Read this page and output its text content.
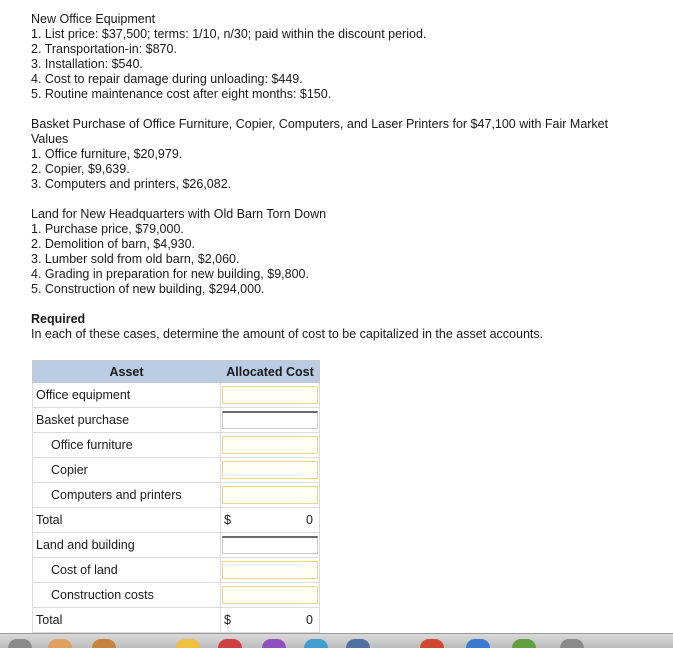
New Office Equipment

1. List price: $37,500; terms: 1/10, n/30; paid within the discount period.

2. Transportation-in: $870.

3. Installation: $540.

4. Cost to repair damage during unloading: $449.

5. Routine maintenance cost after eight months: $150.

Basket Purchase of Office Furniture, Copier, Computers, and Laser Printers for $47,100 with Fair Market

Values

1. Office furniture, $20,979.

2. Copier, $9,639.

3. Computers and printers, $26,082.

Land for New Headquarters with Old Barn Torn Down

1. Purchase price, $79,000.

2. Demolition of barn, $4,930.

3. Lumber sold from old barn, $2,060.

4. Grading in preparation for new building, $9,800.

5. Construction of new building, $294,000.

Required

In each of these cases, determine the amount of cost to be capitalized in the asset accounts.

Asset	Allocated Cost
Office equipment	

Basket purchase	

Office furniture	

Copier	

Computers and printers	

Total	$ 0

Land and building	

Cost of land	

Construction costs	

Total	$ 0
